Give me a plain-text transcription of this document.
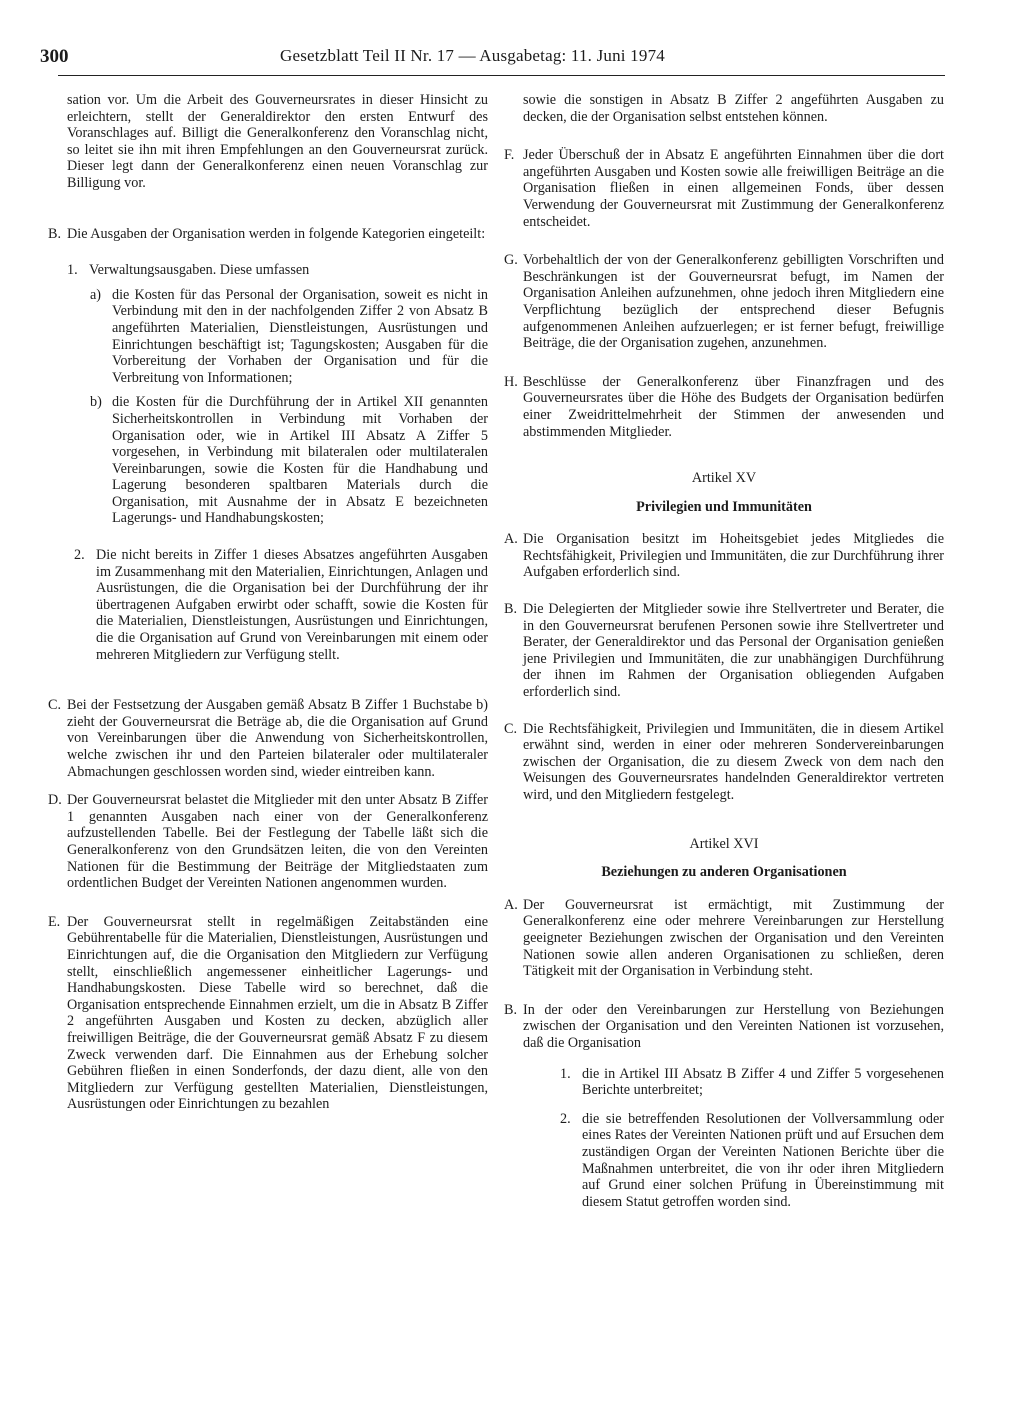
300	Gesetzblatt Teil II Nr. 17 — Ausgabetag: 11. Juni 1974

sation vor. Um die Arbeit des Gouverneursrates in dieser Hinsicht zu erleichtern, stellt der Generaldirektor den ersten Entwurf des Voranschlages auf. Billigt die Generalkonferenz den Voranschlag nicht, so leitet sie ihn mit ihren Empfehlungen an den Gouverneursrat zurück. Dieser legt dann der Generalkonferenz einen neuen Voranschlag zur Billigung vor.

B. Die Ausgaben der Organisation werden in folgende Kategorien eingeteilt:

1. Verwaltungsausgaben. Diese umfassen

a) die Kosten für das Personal der Organisation, soweit es nicht in Verbindung mit den in der nachfolgenden Ziffer 2 von Absatz B angeführten Materialien, Dienstleistungen, Ausrüstungen und Einrichtungen beschäftigt ist; Tagungskosten; Ausgaben für die Vorbereitung der Vorhaben der Organisation und für die Verbreitung von Informationen;

b) die Kosten für die Durchführung der in Artikel XII genannten Sicherheitskontrollen in Verbindung mit Vorhaben der Organisation oder, wie in Artikel III Absatz A Ziffer 5 vorgesehen, in Verbindung mit bilateralen oder multilateralen Vereinbarungen, sowie die Kosten für die Handhabung und Lagerung besonderen spaltbaren Materials durch die Organisation, mit Ausnahme der in Absatz E bezeichneten Lagerungs- und Handhabungskosten;

2. Die nicht bereits in Ziffer 1 dieses Absatzes angeführten Ausgaben im Zusammenhang mit den Materialien, Einrichtungen, Anlagen und Ausrüstungen, die die Organisation bei der Durchführung der ihr übertragenen Aufgaben erwirbt oder schafft, sowie die Kosten für die Materialien, Dienstleistungen, Ausrüstungen und Einrichtungen, die die Organisation auf Grund von Vereinbarungen mit einem oder mehreren Mitgliedern zur Verfügung stellt.

C. Bei der Festsetzung der Ausgaben gemäß Absatz B Ziffer 1 Buchstabe b) zieht der Gouverneursrat die Beträge ab, die die Organisation auf Grund von Vereinbarungen über die Anwendung von Sicherheitskontrollen, welche zwischen ihr und den Parteien bilateraler oder multilateraler Abmachungen geschlossen worden sind, wieder eintreiben kann.

D. Der Gouverneursrat belastet die Mitglieder mit den unter Absatz B Ziffer 1 genannten Ausgaben nach einer von der Generalkonferenz aufzustellenden Tabelle. Bei der Festlegung der Tabelle läßt sich die Generalkonferenz von den Grundsätzen leiten, die von den Vereinten Nationen für die Bestimmung der Beiträge der Mitgliedstaaten zum ordentlichen Budget der Vereinten Nationen angenommen wurden.

E. Der Gouverneursrat stellt in regelmäßigen Zeitabständen eine Gebührentabelle für die Materialien, Dienstleistungen, Ausrüstungen und Einrichtungen auf, die die Organisation den Mitgliedern zur Verfügung stellt, einschließlich angemessener einheitlicher Lagerungs- und Handhabungskosten. Diese Tabelle wird so berechnet, daß die Organisation entsprechende Einnahmen erzielt, um die in Absatz B Ziffer 2 angeführten Ausgaben und Kosten zu decken, abzüglich aller freiwilligen Beiträge, die der Gouverneursrat gemäß Absatz F zu diesem Zweck verwenden darf. Die Einnahmen aus der Erhebung solcher Gebühren fließen in einen Sonderfonds, der dazu dient, alle von den Mitgliedern zur Verfügung gestellten Materialien, Dienstleistungen, Ausrüstungen oder Einrichtungen zu bezahlen

sowie die sonstigen in Absatz B Ziffer 2 angeführten Ausgaben zu decken, die der Organisation selbst entstehen können.

F. Jeder Überschuß der in Absatz E angeführten Einnahmen über die dort angeführten Ausgaben und Kosten sowie alle freiwilligen Beiträge an die Organisation fließen in einen allgemeinen Fonds, über dessen Verwendung der Gouverneursrat mit Zustimmung der Generalkonferenz entscheidet.

G. Vorbehaltlich der von der Generalkonferenz gebilligten Vorschriften und Beschränkungen ist der Gouverneursrat befugt, im Namen der Organisation Anleihen aufzunehmen, ohne jedoch ihren Mitgliedern eine Verpflichtung bezüglich der entsprechend dieser Befugnis aufgenommenen Anleihen aufzuerlegen; er ist ferner befugt, freiwillige Beiträge, die der Organisation zugehen, anzunehmen.

H. Beschlüsse der Generalkonferenz über Finanzfragen und des Gouverneursrates über die Höhe des Budgets der Organisation bedürfen einer Zweidrittelmehrheit der Stimmen der anwesenden und abstimmenden Mitglieder.

Artikel XV

Privilegien und Immunitäten

A. Die Organisation besitzt im Hoheitsgebiet jedes Mitgliedes die Rechtsfähigkeit, Privilegien und Immunitäten, die zur Durchführung ihrer Aufgaben erforderlich sind.

B. Die Delegierten der Mitglieder sowie ihre Stellvertreter und Berater, die in den Gouverneursrat berufenen Personen sowie ihre Stellvertreter und Berater, der Generaldirektor und das Personal der Organisation genießen jene Privilegien und Immunitäten, die zur unabhängigen Durchführung der ihnen im Rahmen der Organisation obliegenden Aufgaben erforderlich sind.

C. Die Rechtsfähigkeit, Privilegien und Immunitäten, die in diesem Artikel erwähnt sind, werden in einer oder mehreren Sondervereinbarungen zwischen der Organisation, die zu diesem Zweck von dem nach den Weisungen des Gouverneursrates handelnden Generaldirektor vertreten wird, und den Mitgliedern festgelegt.

Artikel XVI

Beziehungen zu anderen Organisationen

A. Der Gouverneursrat ist ermächtigt, mit Zustimmung der Generalkonferenz eine oder mehrere Vereinbarungen zur Herstellung geeigneter Beziehungen zwischen der Organisation und den Vereinten Nationen sowie allen anderen Organisationen zu schließen, deren Tätigkeit mit der Organisation in Verbindung steht.

B. In der oder den Vereinbarungen zur Herstellung von Beziehungen zwischen der Organisation und den Vereinten Nationen ist vorzusehen, daß die Organisation

1. die in Artikel III Absatz B Ziffer 4 und Ziffer 5 vorgesehenen Berichte unterbreitet;

2. die sie betreffenden Resolutionen der Vollversammlung oder eines Rates der Vereinten Nationen prüft und auf Ersuchen dem zuständigen Organ der Vereinten Nationen Berichte über die Maßnahmen unterbreitet, die von ihr oder ihren Mitgliedern auf Grund einer solchen Prüfung in Übereinstimmung mit diesem Statut getroffen worden sind.
